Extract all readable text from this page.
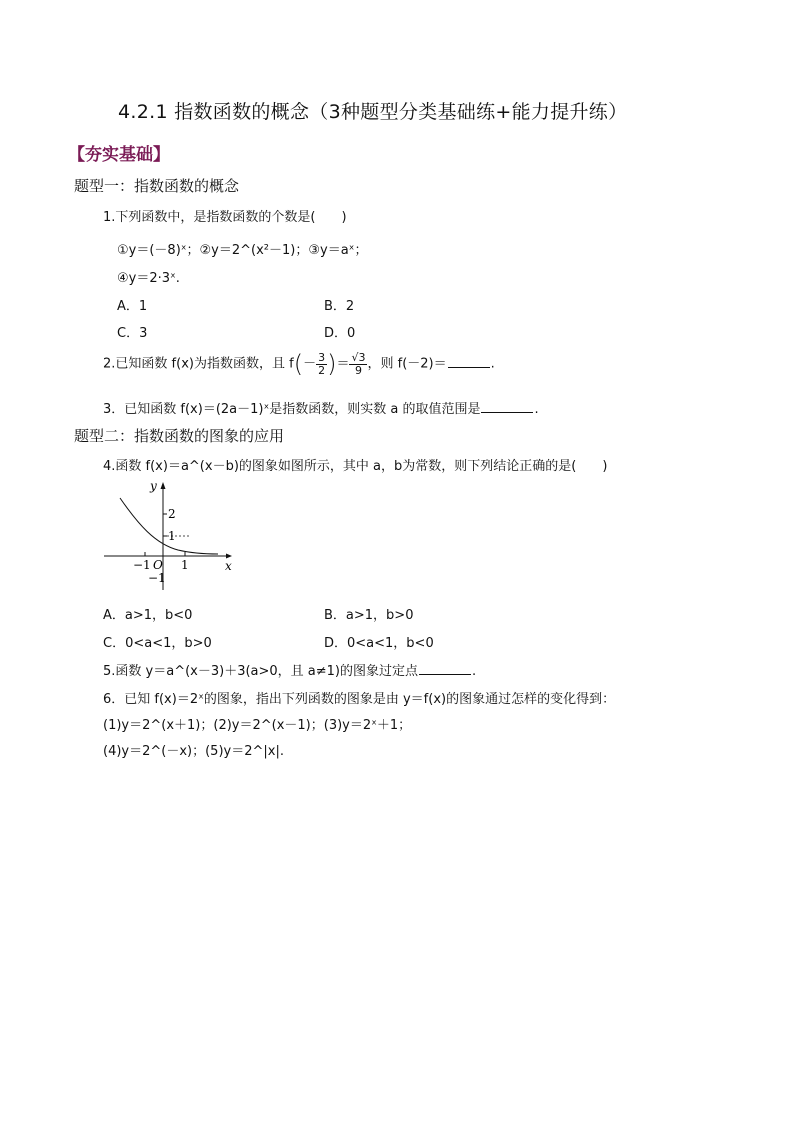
4.2.1 指数函数的概念（3种题型分类基础练+能力提升练）
【夯实基础】
题型一：指数函数的概念
1.下列函数中，是指数函数的个数是(　　)
①y＝(－8)ˣ；②y＝2^(x²－1)；③y＝aˣ；
④y＝2·3ˣ.
A．1	B．2
C．3	D．0
2.已知函数 f(x)为指数函数，且 $f(- \frac{3}{2}$ )＝ $\frac{√3}{9}$ ，则 f(－2)＝	.
3．已知函数 f(x)＝(2a－1)ˣ是指数函数，则实数 a 的取值范围是	.
题型二：指数函数的图象的应用
4.函数 f(x)＝a^(x－b)的图象如图所示，其中 a，b为常数，则下列结论正确的是(　　)
y
x
2
1
−1 O 1
−1
A．a>1，b<0	B．a>1，b>0
C．0<a<1，b>0	D．0<a<1，b<0
5.函数 y＝a^(x－3)＋3(a>0，且 a≠1)的图象过定点	.
6．已知 f(x)＝2ˣ的图象，指出下列函数的图象是由 y＝f(x)的图象通过怎样的变化得到：
(1)y＝2^(x＋1)；(2)y＝2^(x－1)；(3)y＝2ˣ＋1；
(4)y＝2^(－x)；(5)y＝2^|x|.
